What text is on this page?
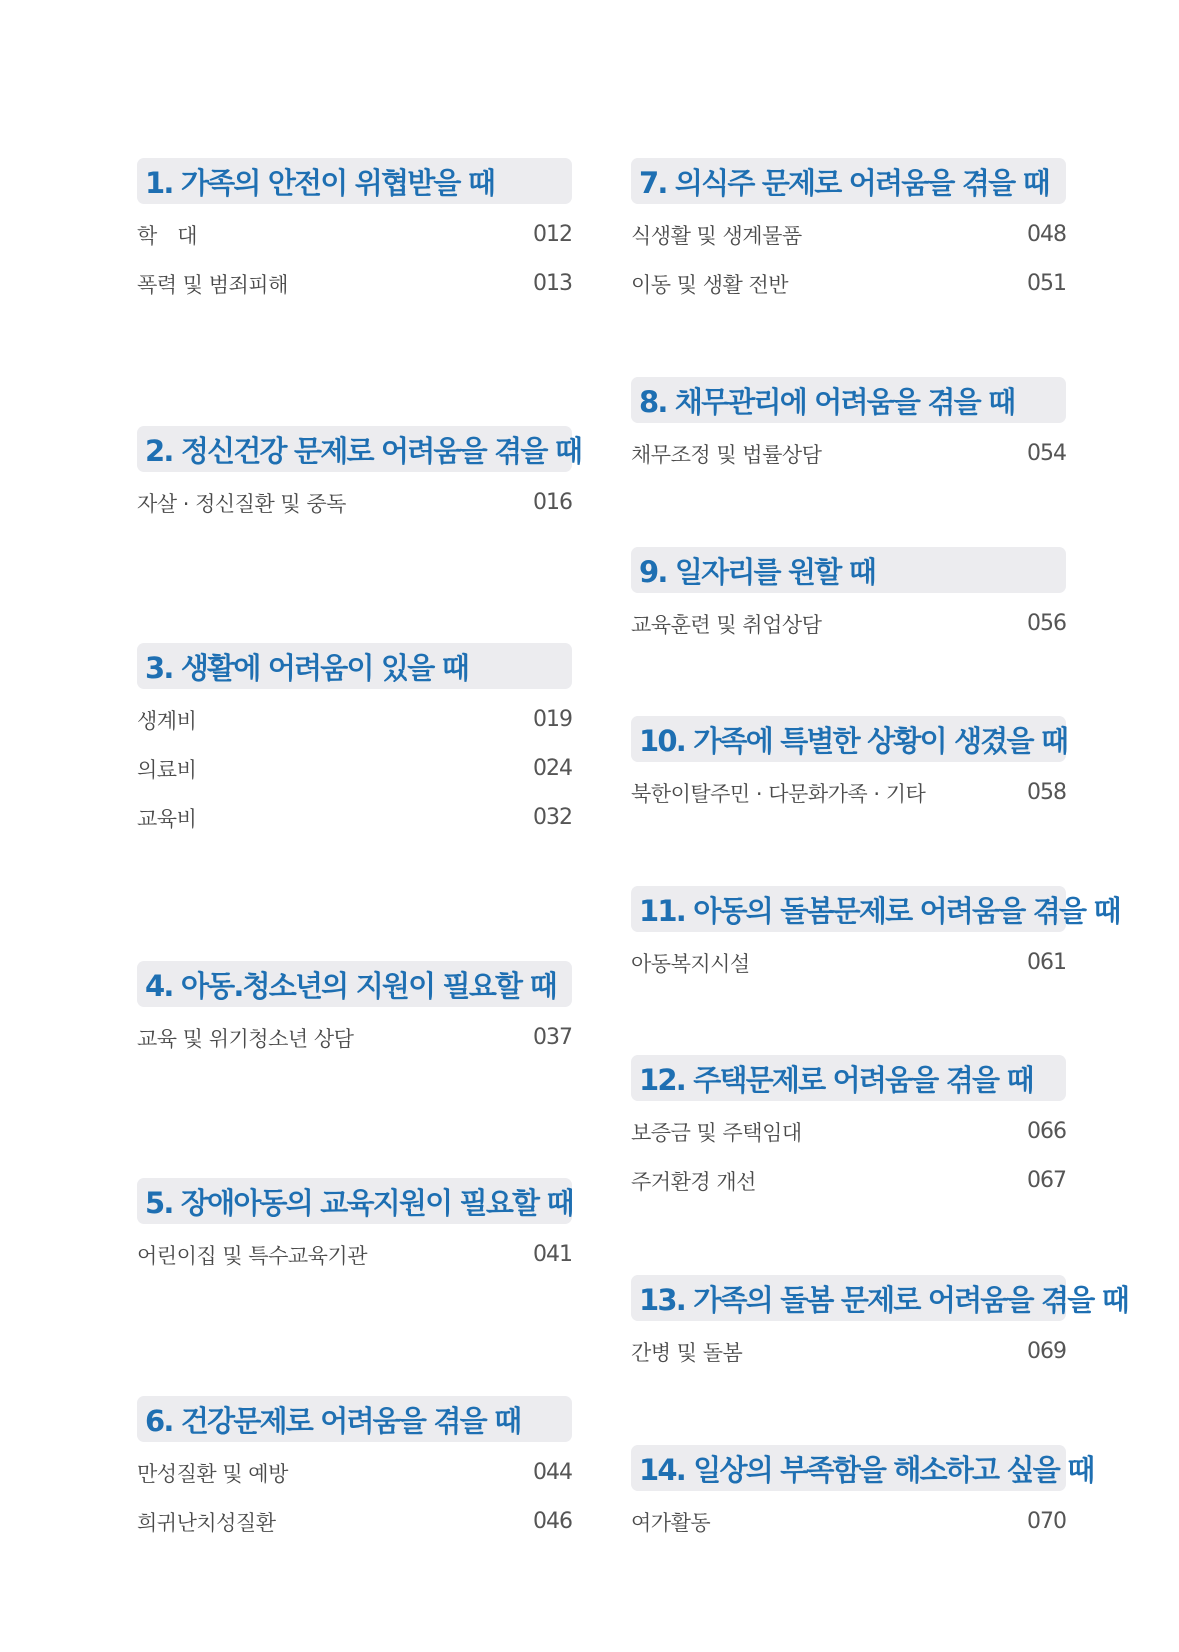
1. 가족의 안전이 위협받을 때
학　대	012
폭력 및 범죄피해	013
2. 정신건강 문제로 어려움을 겪을 때
자살 · 정신질환 및 중독	016
3. 생활에 어려움이 있을 때
생계비	019
의료비	024
교육비	032
4. 아동.청소년의 지원이 필요할 때
교육 및 위기청소년 상담	037
5. 장애아동의 교육지원이 필요할 때
어린이집 및 특수교육기관	041
6. 건강문제로 어려움을 겪을 때
만성질환 및 예방	044
희귀난치성질환	046
7. 의식주 문제로 어려움을 겪을 때
식생활 및 생계물품	048
이동 및 생활 전반	051
8. 채무관리에 어려움을 겪을 때
채무조정 및 법률상담	054
9. 일자리를 원할 때
교육훈련 및 취업상담	056
10. 가족에 특별한 상황이 생겼을 때
북한이탈주민 · 다문화가족 · 기타	058
11. 아동의 돌봄문제로 어려움을 겪을 때
아동복지시설	061
12. 주택문제로 어려움을 겪을 때
보증금 및 주택임대	066
주거환경 개선	067
13. 가족의 돌봄 문제로 어려움을 겪을 때
간병 및 돌봄	069
14. 일상의 부족함을 해소하고 싶을 때
여가활동	070
